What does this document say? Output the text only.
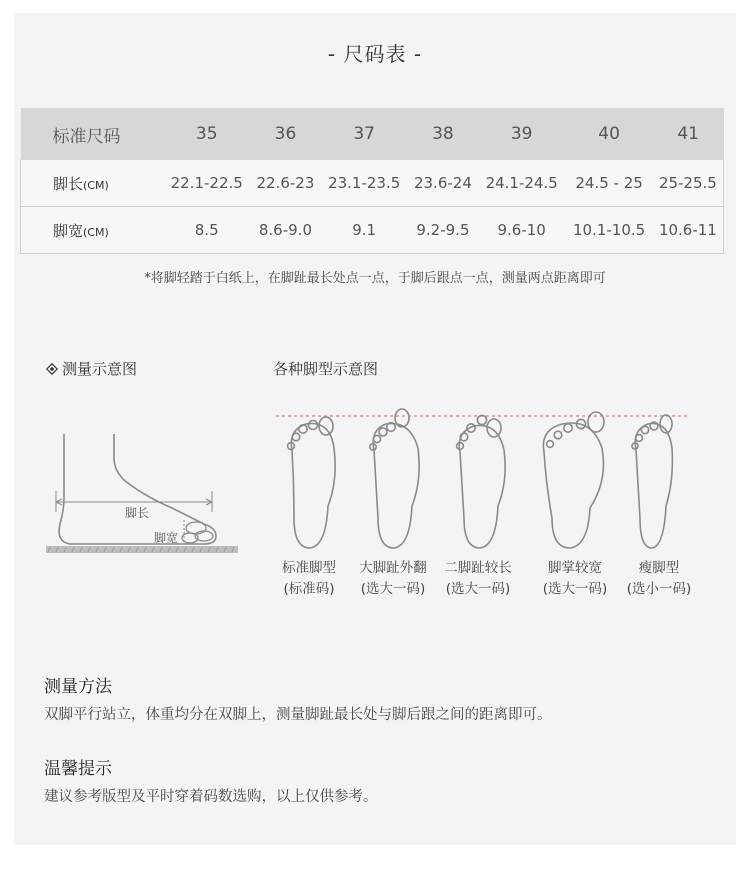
- 尺码表 -
标准尺码	35	36	37	38	39	40	41
脚长(CM)	22.1-22.5	22.6-23	23.1-23.5	23.6-24	24.1-24.5	24.5 - 25	25-25.5
脚宽(CM)	8.5	8.6-9.0	9.1	9.2-9.5	9.6-10	10.1-10.5	10.6-11
*将脚轻踏于白纸上，在脚趾最长处点一点，于脚后跟点一点，测量两点距离即可
测量示意图
脚长
脚宽
各种脚型示意图
标准脚型
(标准码)
大脚趾外翻
(选大一码)
二脚趾较长
(选大一码)
脚掌较宽
(选大一码)
瘦脚型
(选小一码)
测量方法
双脚平行站立，体重均分在双脚上，测量脚趾最长处与脚后跟之间的距离即可。
温馨提示
建议参考版型及平时穿着码数选购，以上仅供参考。
